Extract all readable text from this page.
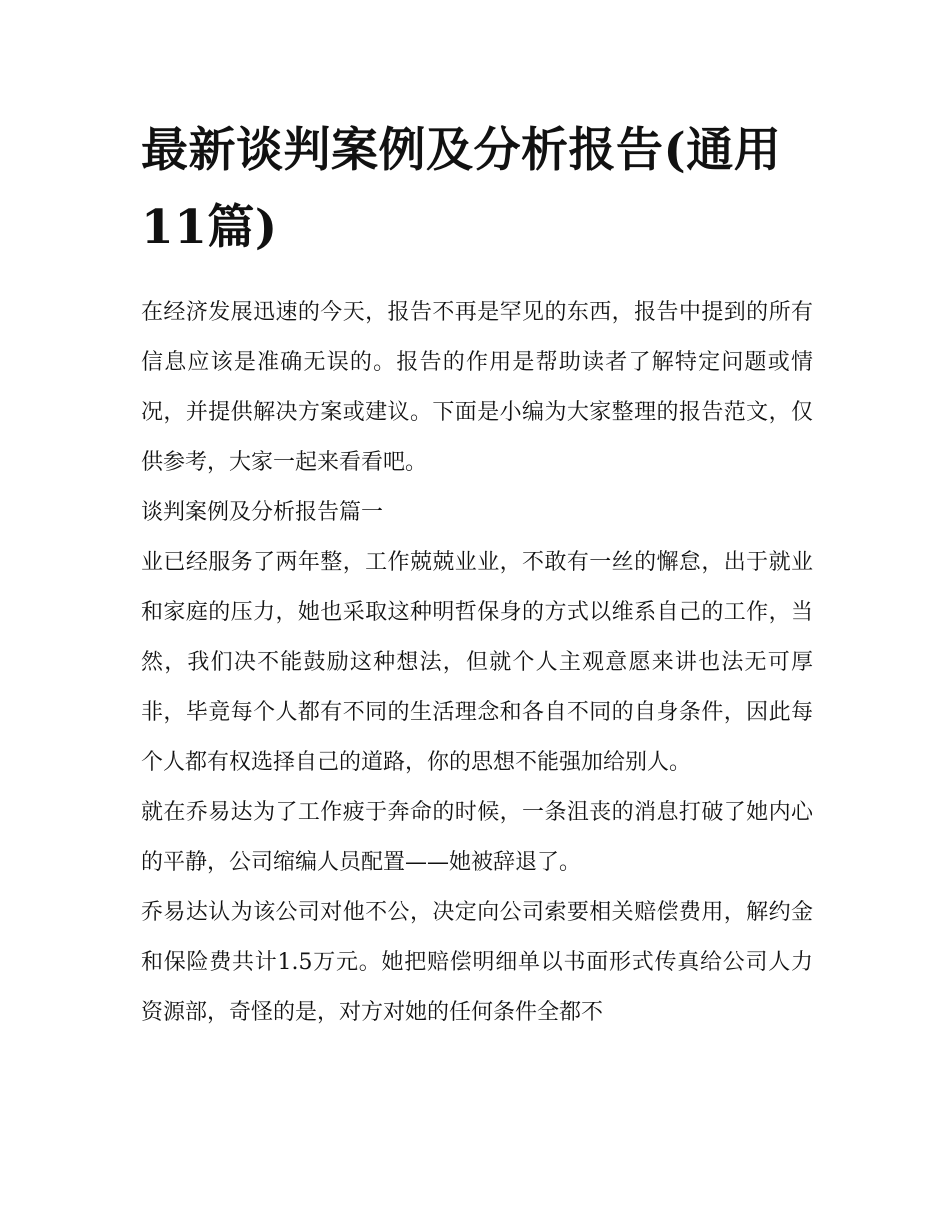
最新谈判案例及分析报告(通用11篇)

在经济发展迅速的今天，报告不再是罕见的东西，报告中提到的所有信息应该是准确无误的。报告的作用是帮助读者了解特定问题或情况，并提供解决方案或建议。下面是小编为大家整理的报告范文，仅供参考，大家一起来看看吧。

谈判案例及分析报告篇一

业已经服务了两年整，工作兢兢业业，不敢有一丝的懈怠，出于就业和家庭的压力，她也采取这种明哲保身的方式以维系自己的工作，当然，我们决不能鼓励这种想法，但就个人主观意愿来讲也法无可厚非，毕竟每个人都有不同的生活理念和各自不同的自身条件，因此每个人都有权选择自己的道路，你的思想不能强加给别人。

就在乔易达为了工作疲于奔命的时候，一条沮丧的消息打破了她内心的平静，公司缩编人员配置——她被辞退了。

乔易达认为该公司对他不公，决定向公司索要相关赔偿费用，解约金和保险费共计1.5万元。她把赔偿明细单以书面形式传真给公司人力资源部，奇怪的是，对方对她的任何条件全都不
